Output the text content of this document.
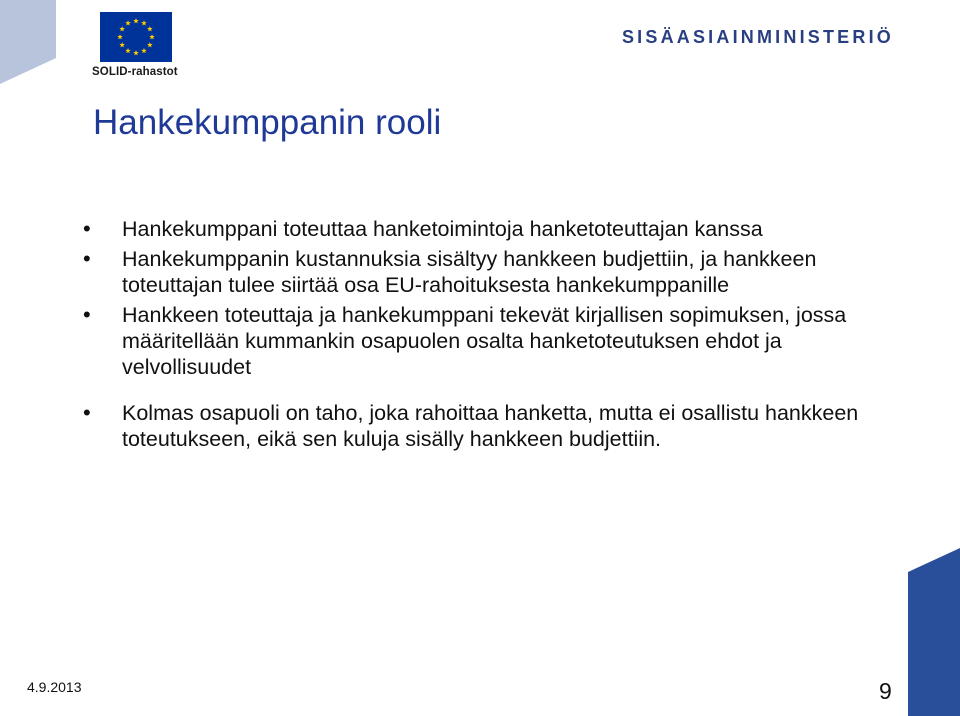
SOLID-rahastot
SISÄASIAINMINISTERIÖ
Hankekumppanin rooli
• Hankekumppani toteuttaa hanketoimintoja hanketoteuttajan kanssa
• Hankekumppanin kustannuksia sisältyy hankkeen budjettiin, ja hankkeen toteuttajan tulee siirtää osa EU-rahoituksesta hankekumppanille
• Hankkeen toteuttaja ja hankekumppani tekevät kirjallisen sopimuksen, jossa määritellään kummankin osapuolen osalta hanketoteutuksen ehdot ja velvollisuudet
• Kolmas osapuoli on taho, joka rahoittaa hanketta, mutta ei osallistu hankkeen toteutukseen, eikä sen kuluja sisälly hankkeen budjettiin.
4.9.2013	9
